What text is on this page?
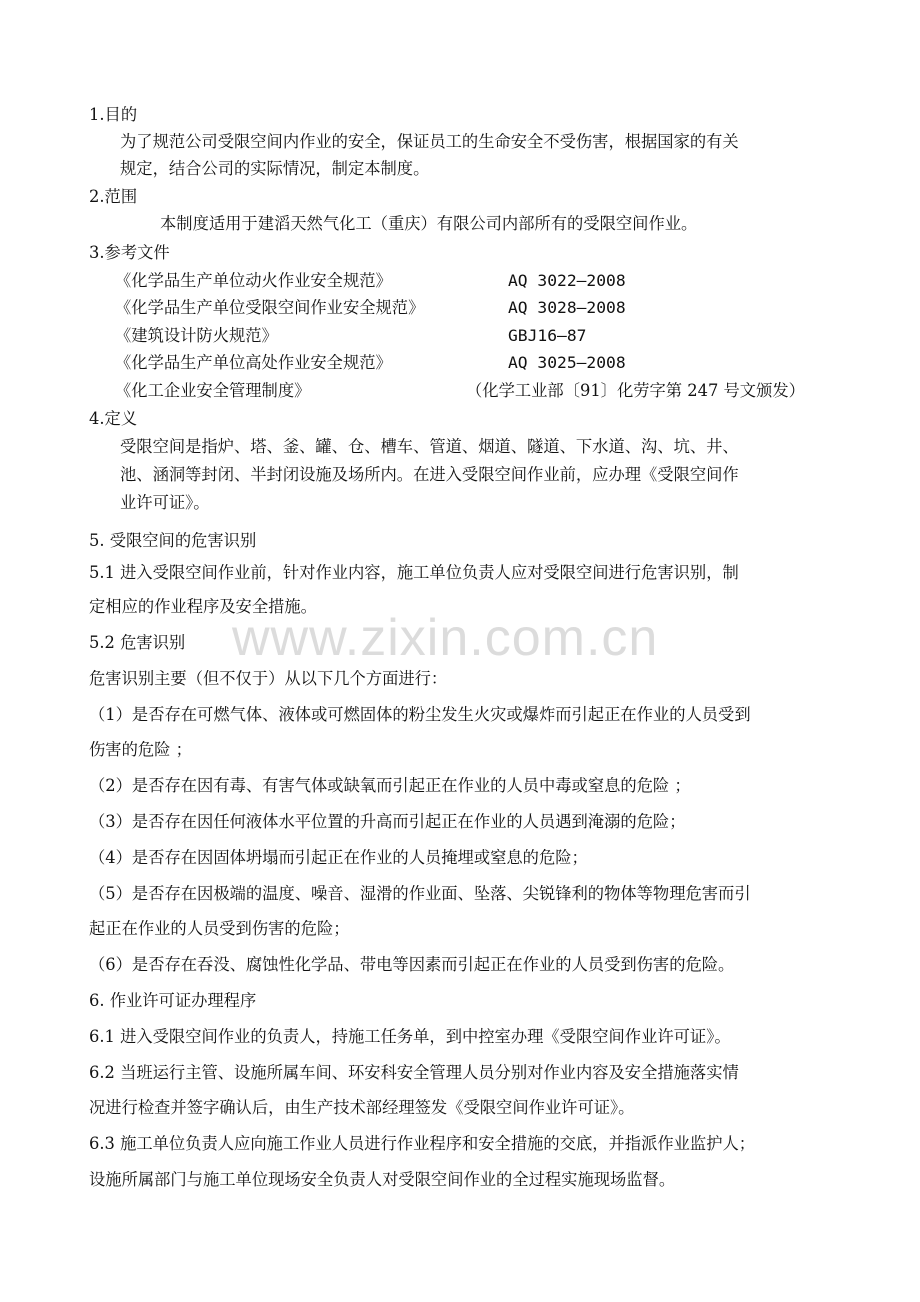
1.目的
为了规范公司受限空间内作业的安全，保证员工的生命安全不受伤害，根据国家的有关
规定，结合公司的实际情况，制定本制度。
2.范围
本制度适用于建滔天然气化工（重庆）有限公司内部所有的受限空间作业。
3.参考文件
《化学品生产单位动火作业安全规范》	AQ 3022—2008
《化学品生产单位受限空间作业安全规范》	AQ 3028—2008
《建筑设计防火规范》	GBJ16—87
《化学品生产单位高处作业安全规范》	AQ 3025—2008
《化工企业安全管理制度》	（化学工业部〔91〕化劳字第 247 号文颁发）
4.定义
受限空间是指炉、塔、釜、罐、仓、槽车、管道、烟道、隧道、下水道、沟、坑、井、
池、涵洞等封闭、半封闭设施及场所内。在进入受限空间作业前，应办理《受限空间作
业许可证》。
5. 受限空间的危害识别
5.1 进入受限空间作业前，针对作业内容，施工单位负责人应对受限空间进行危害识别，制
定相应的作业程序及安全措施。
5.2 危害识别
危害识别主要（但不仅于）从以下几个方面进行：
（1）是否存在可燃气体、液体或可燃固体的粉尘发生火灾或爆炸而引起正在作业的人员受到
伤害的危险 ；
（2）是否存在因有毒、有害气体或缺氧而引起正在作业的人员中毒或窒息的危险 ；
（3）是否存在因任何液体水平位置的升高而引起正在作业的人员遇到淹溺的危险；
（4）是否存在因固体坍塌而引起正在作业的人员掩埋或窒息的危险；
（5）是否存在因极端的温度、噪音、湿滑的作业面、坠落、尖锐锋利的物体等物理危害而引
起正在作业的人员受到伤害的危险；
（6）是否存在吞没、腐蚀性化学品、带电等因素而引起正在作业的人员受到伤害的危险。
6. 作业许可证办理程序
6.1 进入受限空间作业的负责人，持施工任务单，到中控室办理《受限空间作业许可证》。
6.2 当班运行主管、设施所属车间、环安科安全管理人员分别对作业内容及安全措施落实情
况进行检查并签字确认后，由生产技术部经理签发《受限空间作业许可证》。
6.3 施工单位负责人应向施工作业人员进行作业程序和安全措施的交底，并指派作业监护人；
设施所属部门与施工单位现场安全负责人对受限空间作业的全过程实施现场监督。
www.zixin.com.cn
